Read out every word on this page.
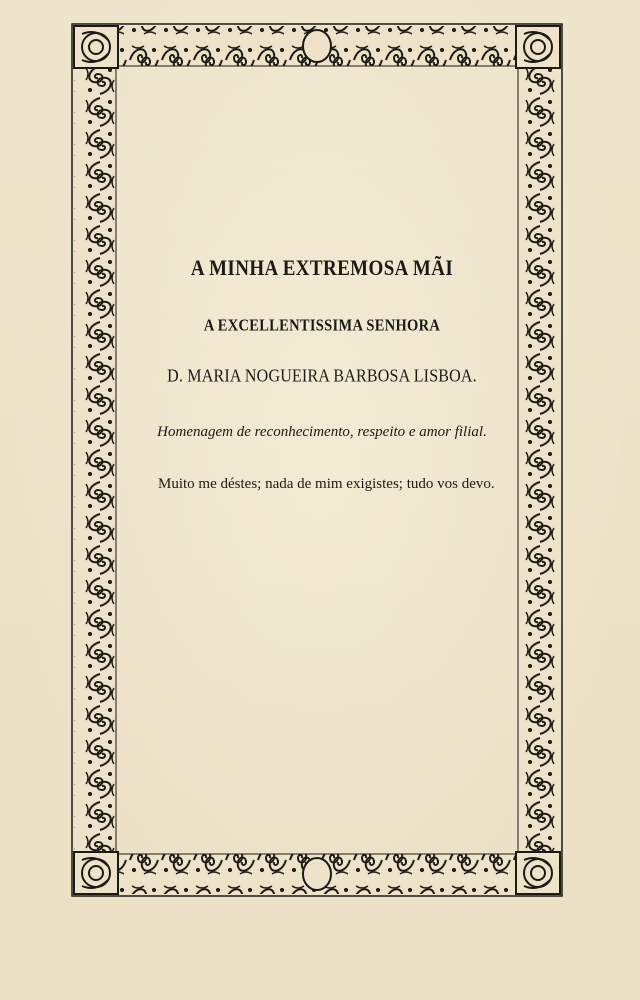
A MINHA EXTREMOSA MÃI
A EXCELLENTISSIMA SENHORA
D. MARIA NOGUEIRA BARBOSA LISBOA.
Homenagem de reconhecimento, respeito e amor filial.
Muito me déstes; nada de mim exigistes; tudo vos devo.
